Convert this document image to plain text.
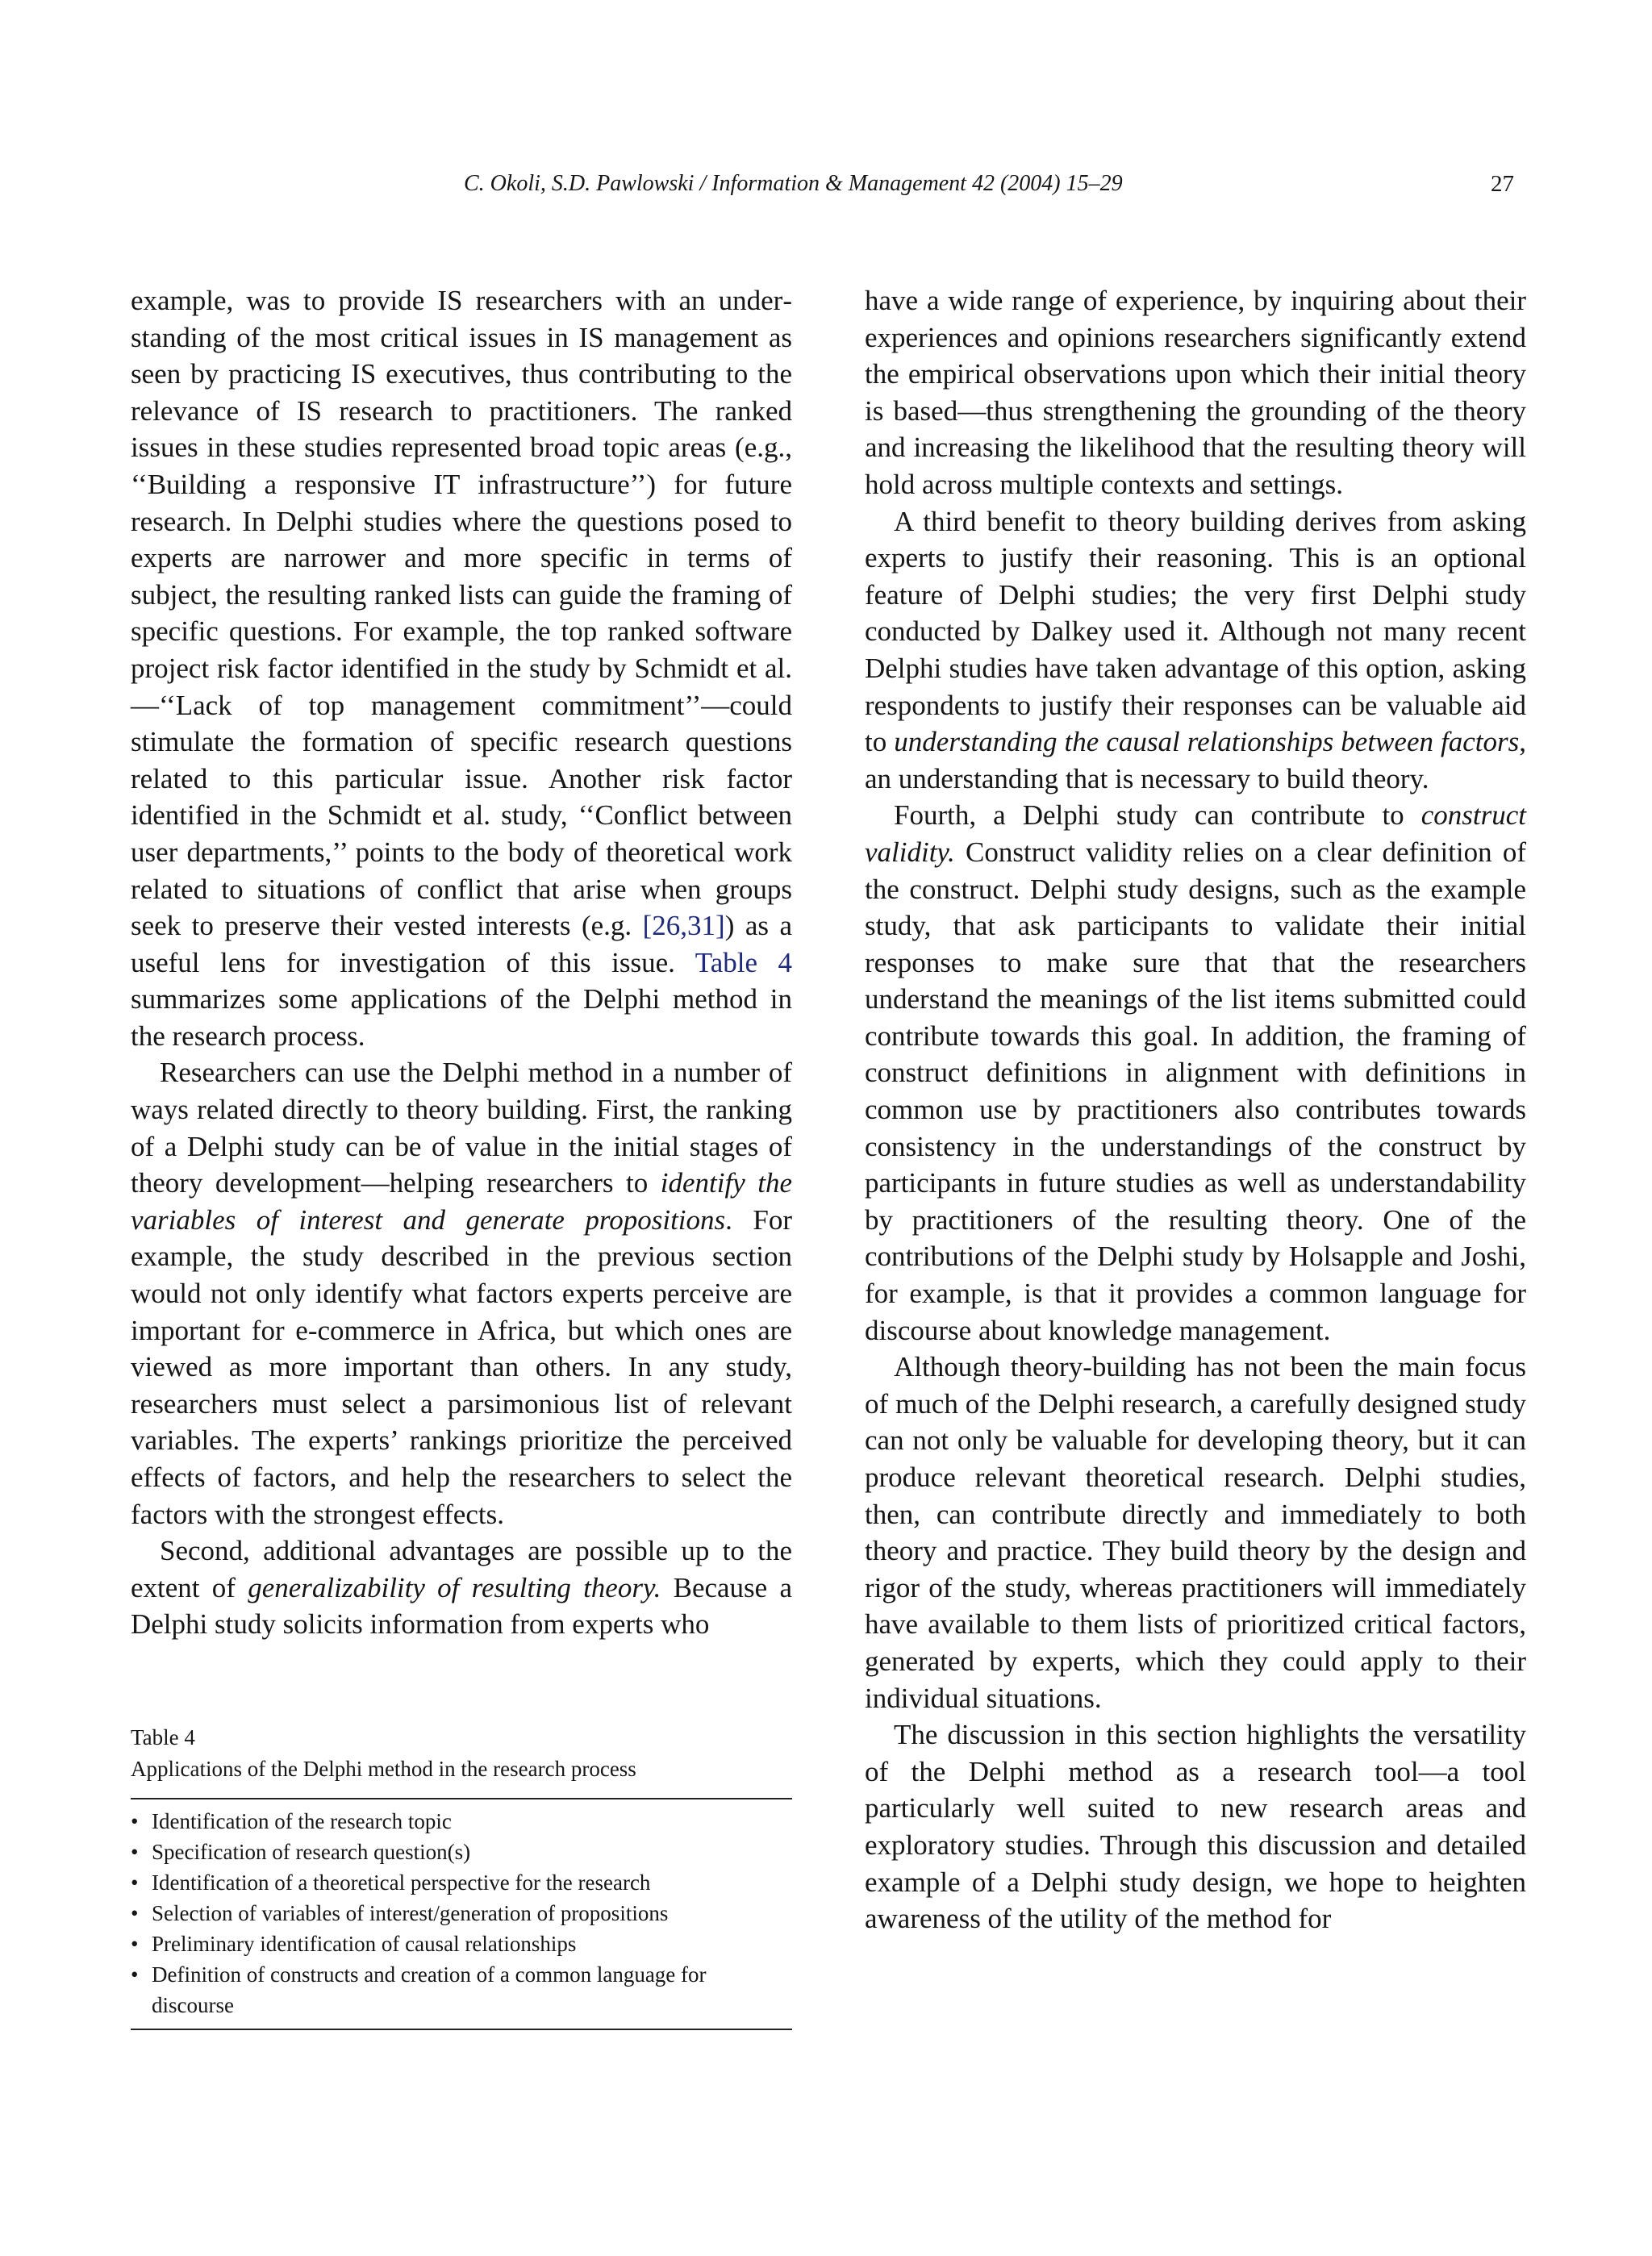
C. Okoli, S.D. Pawlowski / Information & Management 42 (2004) 15–29	27

example, was to provide IS researchers with an understanding of the most critical issues in IS management as seen by practicing IS executives, thus contributing to the relevance of IS research to practitioners. The ranked issues in these studies represented broad topic areas (e.g., ‘‘Building a responsive IT infrastructure’’) for future research. In Delphi studies where the questions posed to experts are narrower and more specific in terms of subject, the resulting ranked lists can guide the framing of specific questions. For example, the top ranked software project risk factor identified in the study by Schmidt et al.—‘‘Lack of top management commitment’’—could stimulate the formation of specific research questions related to this particular issue. Another risk factor identified in the Schmidt et al. study, ‘‘Conflict between user departments,’’ points to the body of theoretical work related to situations of conflict that arise when groups seek to preserve their vested interests (e.g. [26,31]) as a useful lens for investigation of this issue. Table 4 summarizes some applications of the Delphi method in the research process.

Researchers can use the Delphi method in a number of ways related directly to theory building. First, the ranking of a Delphi study can be of value in the initial stages of theory development—helping researchers to identify the variables of interest and generate propositions. For example, the study described in the previous section would not only identify what factors experts perceive are important for e-commerce in Africa, but which ones are viewed as more important than others. In any study, researchers must select a parsimonious list of relevant variables. The experts’ rankings prioritize the perceived effects of factors, and help the researchers to select the factors with the strongest effects.

Second, additional advantages are possible up to the extent of generalizability of resulting theory. Because a Delphi study solicits information from experts who

Table 4

Applications of the Delphi method in the research process

• Identification of the research topic
• Specification of research question(s)
• Identification of a theoretical perspective for the research
• Selection of variables of interest/generation of propositions
• Preliminary identification of causal relationships
• Definition of constructs and creation of a common language for discourse

have a wide range of experience, by inquiring about their experiences and opinions researchers significantly extend the empirical observations upon which their initial theory is based—thus strengthening the grounding of the theory and increasing the likelihood that the resulting theory will hold across multiple contexts and settings.

A third benefit to theory building derives from asking experts to justify their reasoning. This is an optional feature of Delphi studies; the very first Delphi study conducted by Dalkey used it. Although not many recent Delphi studies have taken advantage of this option, asking respondents to justify their responses can be valuable aid to understanding the causal relationships between factors, an understanding that is necessary to build theory.

Fourth, a Delphi study can contribute to construct validity. Construct validity relies on a clear definition of the construct. Delphi study designs, such as the example study, that ask participants to validate their initial responses to make sure that that the researchers understand the meanings of the list items submitted could contribute towards this goal. In addition, the framing of construct definitions in alignment with definitions in common use by practitioners also contributes towards consistency in the understandings of the construct by participants in future studies as well as understandability by practitioners of the resulting theory. One of the contributions of the Delphi study by Holsapple and Joshi, for example, is that it provides a common language for discourse about knowledge management.

Although theory-building has not been the main focus of much of the Delphi research, a carefully designed study can not only be valuable for developing theory, but it can produce relevant theoretical research. Delphi studies, then, can contribute directly and immediately to both theory and practice. They build theory by the design and rigor of the study, whereas practitioners will immediately have available to them lists of prioritized critical factors, generated by experts, which they could apply to their individual situations.

The discussion in this section highlights the versatility of the Delphi method as a research tool—a tool particularly well suited to new research areas and exploratory studies. Through this discussion and detailed example of a Delphi study design, we hope to heighten awareness of the utility of the method for
